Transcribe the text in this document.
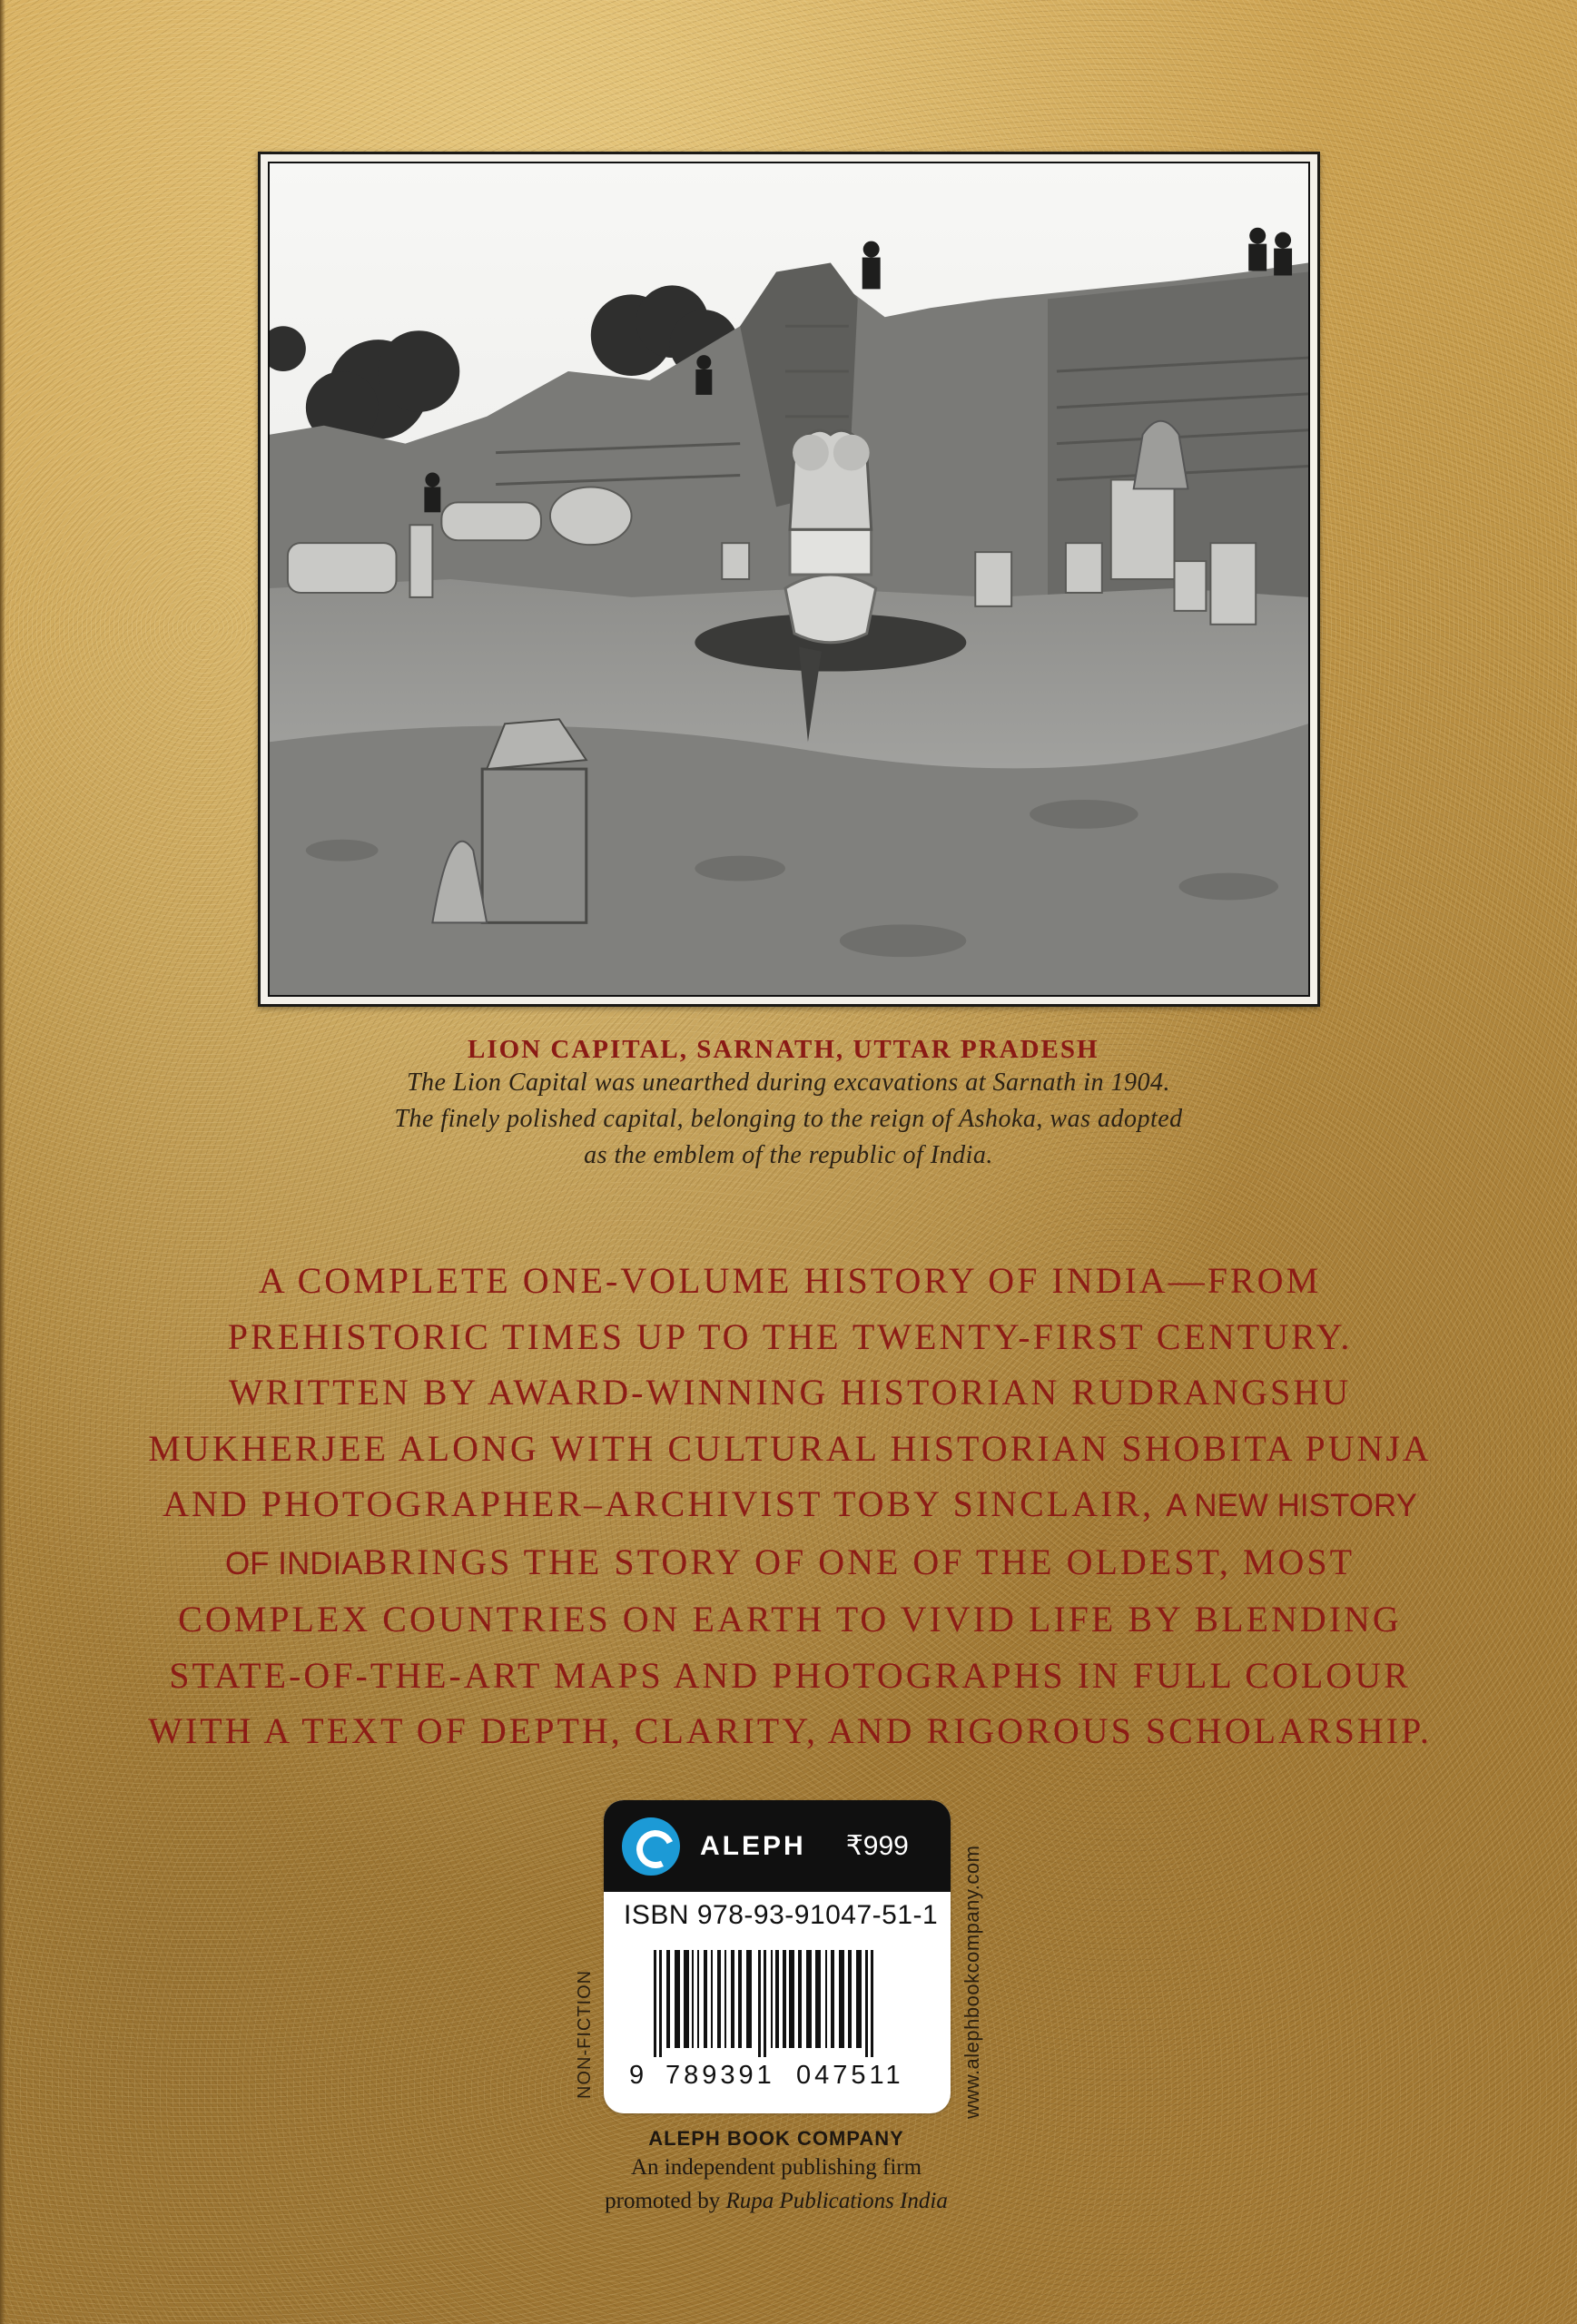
LION CAPITAL, SARNATH, UTTAR PRADESH
The Lion Capital was unearthed during excavations at Sarnath in 1904.
The finely polished capital, belonging to the reign of Ashoka, was adopted
as the emblem of the republic of India.
A COMPLETE ONE-VOLUME HISTORY OF INDIA—FROM
PREHISTORIC TIMES UP TO THE TWENTY-FIRST CENTURY.
WRITTEN BY AWARD-WINNING HISTORIAN RUDRANGSHU
MUKHERJEE ALONG WITH CULTURAL HISTORIAN SHOBITA PUNJA
AND PHOTOGRAPHER–ARCHIVIST TOBY SINCLAIR, A NEW HISTORY
OF INDIABRINGS THE STORY OF ONE OF THE OLDEST, MOST
COMPLEX COUNTRIES ON EARTH TO VIVID LIFE BY BLENDING
STATE-OF-THE-ART MAPS AND PHOTOGRAPHS IN FULL COLOUR
WITH A TEXT OF DEPTH, CLARITY, AND RIGOROUS SCHOLARSHIP.
ALEPH ₹999
ISBN 978-93-91047-51-1
9 789391 047511
NON-FICTION	www.alephbookcompany.com
ALEPH BOOK COMPANY
An independent publishing firm
promoted by Rupa Publications India
